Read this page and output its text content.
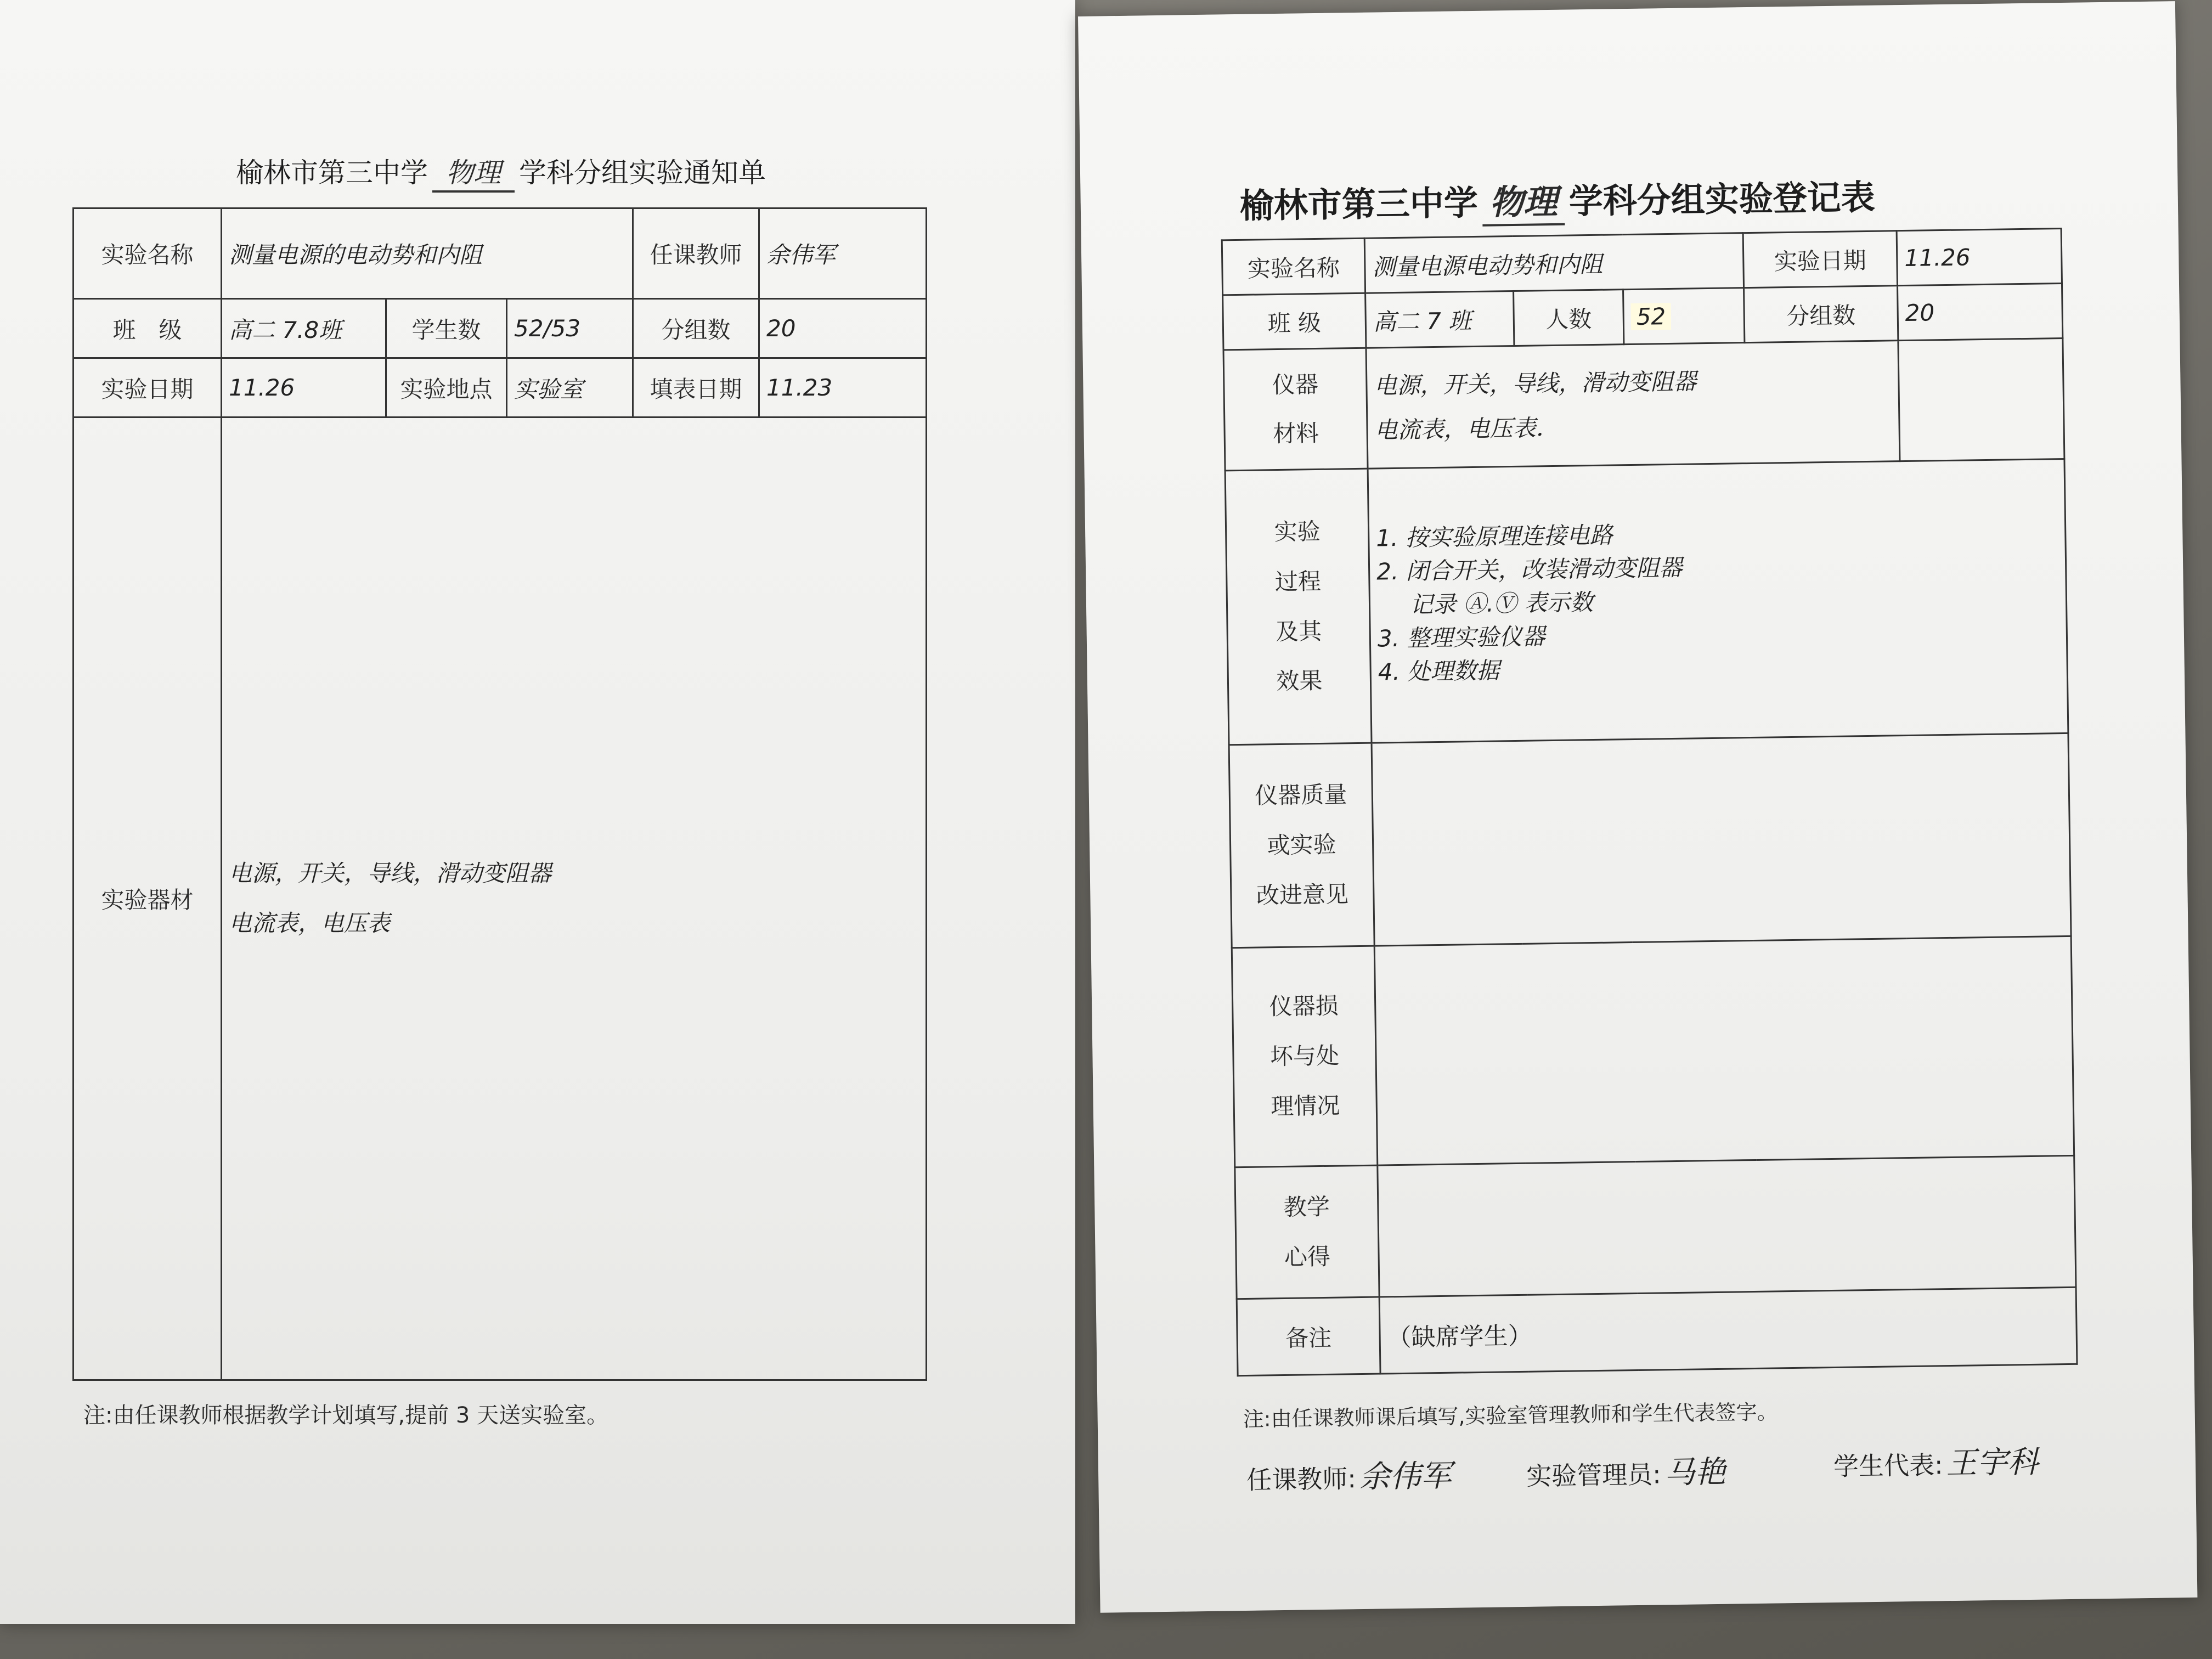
榆林市第三中学 物理 学科分组实验通知单
实验名称	测量电源的电动势和内阻			任课教师	余伟军
班　级	高二 7.8班	学生数	52/53	分组数	20
实验日期	11.26	实验地点	实验室	填表日期	11.23
实验器材	电源，开关，导线，滑动变阻器
电流表，电压表				
注:由任课教师根据教学计划填写,提前 3 天送实验室。
榆林市第三中学 物理 学科分组实验登记表
实验名称	测量电源电动势和内阻			实验日期	11.26
班 级	高二 7 班	人数	52	分组数	20

仪器
材料	电源，开关，导线，滑动变阻器
电流表，电压表．				

实验
过程
及其
效果	1. 按实验原理连接电路
2. 闭合开关，改装滑动变阻器
记录 Ⓐ.Ⓥ 表示数
3. 整理实验仪器
4. 处理数据				

仪器质量
或实验
改进意见					

仪器损
坏与处
理情况					

教学
心得					

备注	（缺席学生）				
注:由任课教师课后填写,实验室管理教师和学生代表签字。
任课教师:余伟军	实验管理员:马艳	学生代表:王宇科
